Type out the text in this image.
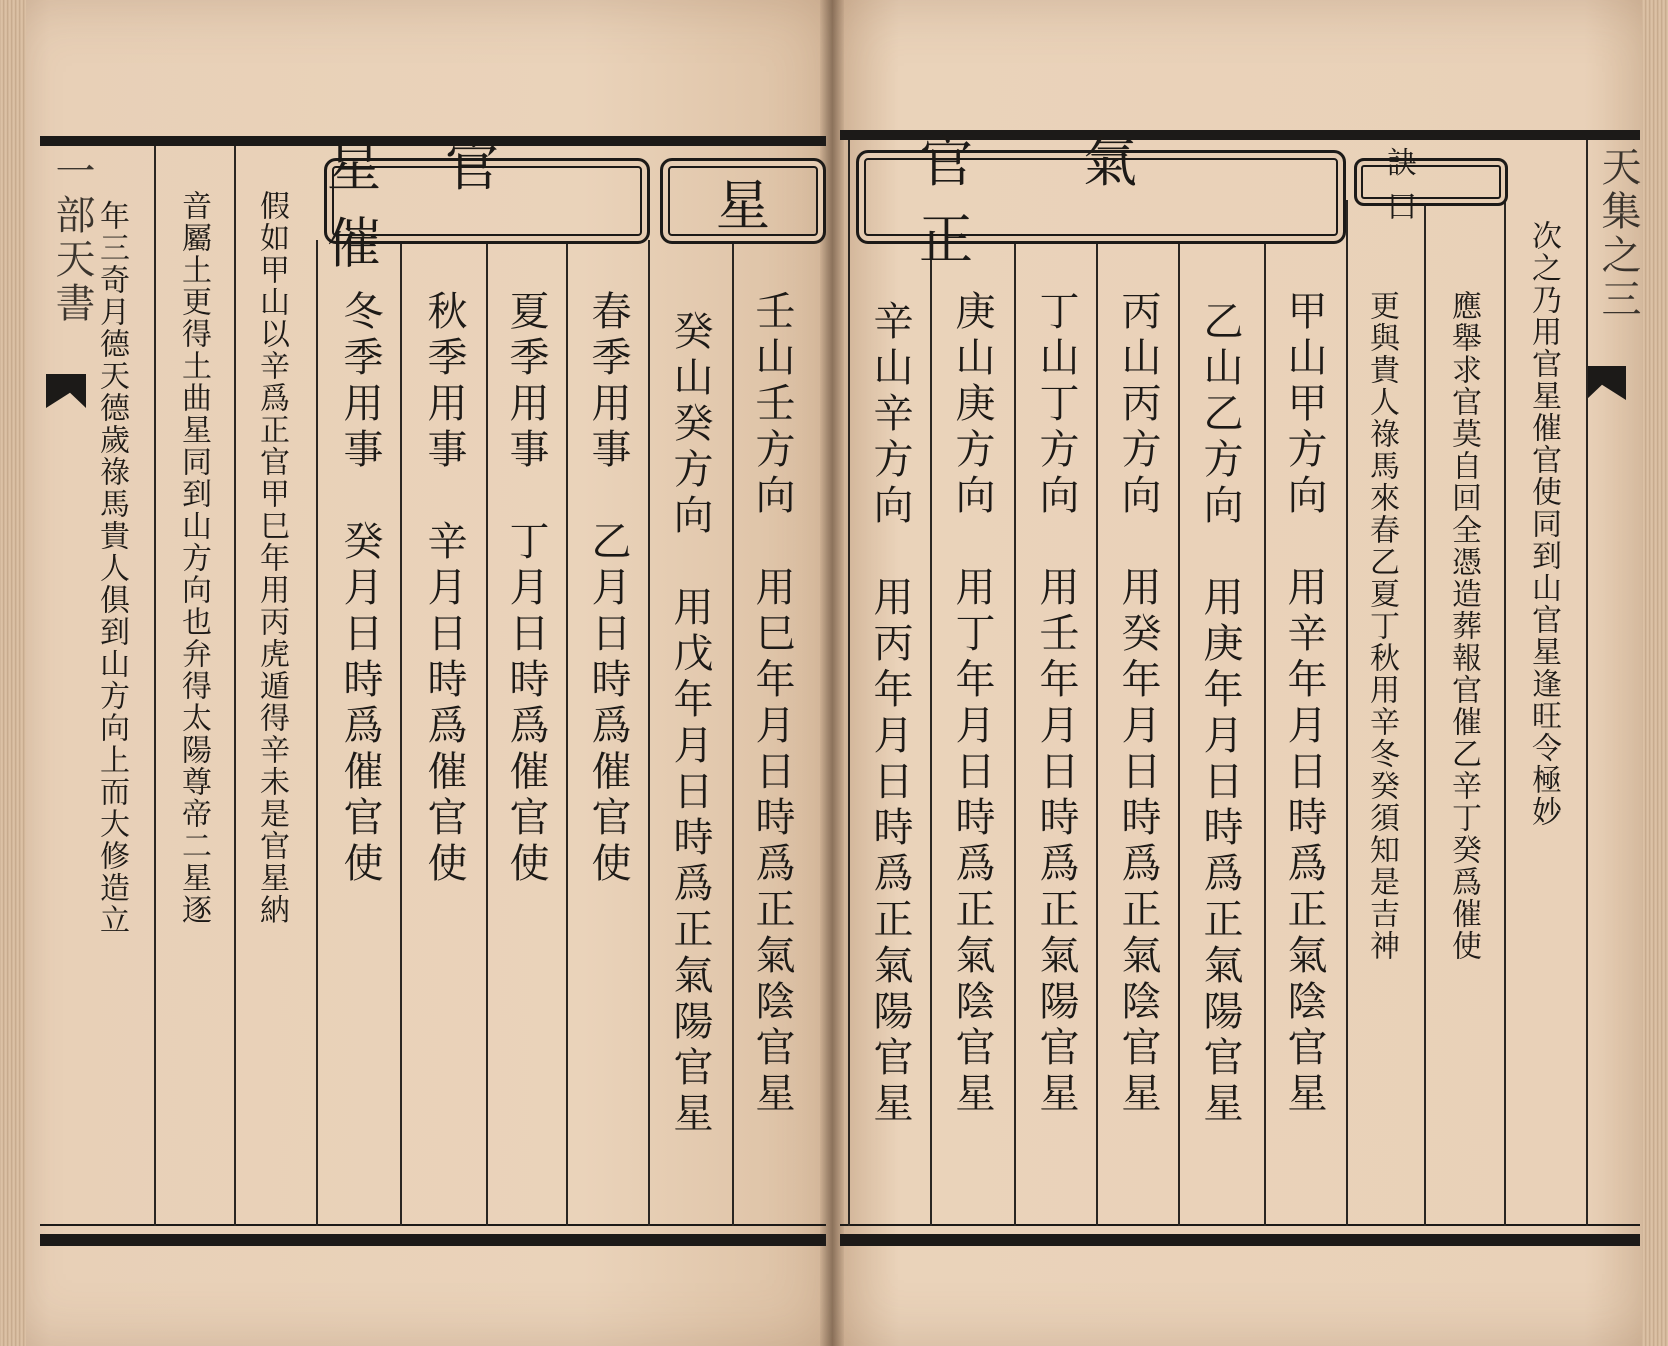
一部天書	星官催
星
壬山壬方向　用巳年月日時爲正氣陰官星
癸山癸方向　用戊年月日時爲正氣陽官星
春季用事　乙月日時爲催官使
夏季用事　丁月日時爲催官使
秋季用事　辛月日時爲催官使
冬季用事　癸月日時爲催官使
假如甲山以辛爲正官甲巳年用丙虎遁得辛未是官星納
音屬土更得土曲星同到山方向也弁得太陽尊帝二星逐
年三奇月德天德歲祿馬貴人俱到山方向上而大修造立	天集之三
官氣正
訣曰
甲山甲方向　用辛年月日時爲正氣陰官星
乙山乙方向　用庚年月日時爲正氣陽官星
丙山丙方向　用癸年月日時爲正氣陰官星
丁山丁方向　用壬年月日時爲正氣陽官星
庚山庚方向　用丁年月日時爲正氣陰官星
辛山辛方向　用丙年月日時爲正氣陽官星	次之乃用官星催官使同到山官星逢旺令極妙
應舉求官莫自回全憑造葬報官催乙辛丁癸爲催使
更與貴人祿馬來春乙夏丁秋用辛冬癸須知是吉神
